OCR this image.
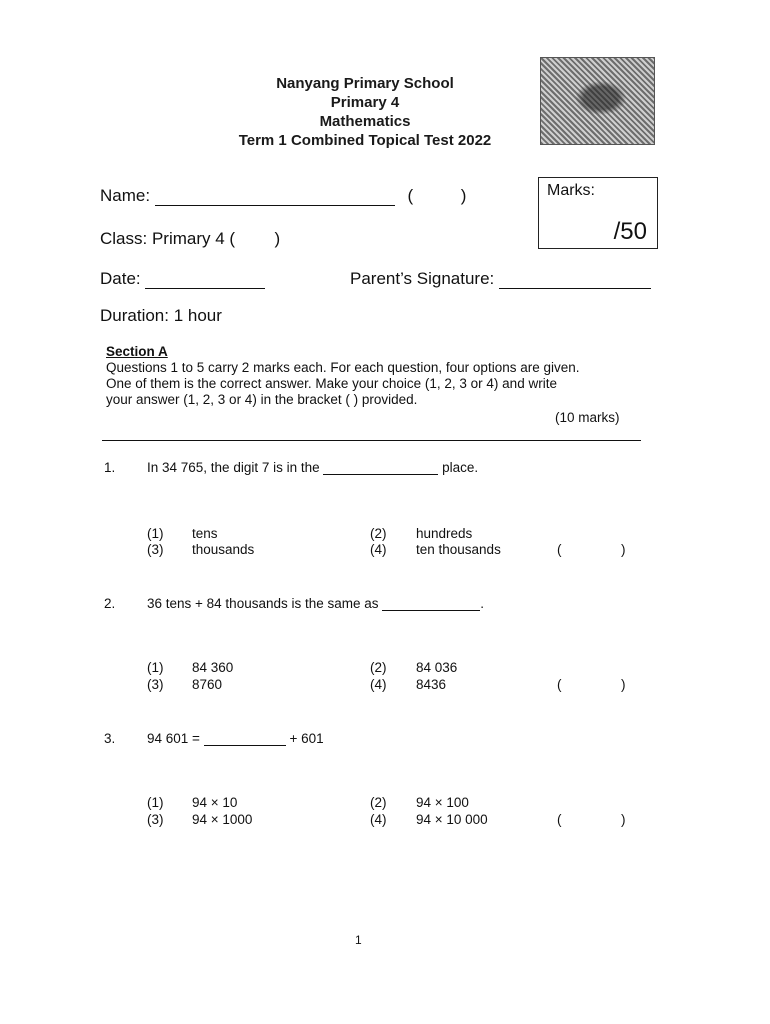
Nanyang Primary School
Primary 4
Mathematics
Term 1 Combined Topical Test 2022
Name:	(	)
Class: Primary 4 ( )
Date:	Parent’s Signature:
Duration: 1 hour
Marks:
/50
Section A
Questions 1 to 5 carry 2 marks each. For each question, four options are given.
One of them is the correct answer. Make your choice (1, 2, 3 or 4) and write
your answer (1, 2, 3 or 4) in the bracket ( ) provided.
(10 marks)
1. In 34 765, the digit 7 is in the	place.
(1) tens	(2) hundreds
(3) thousands	(4) ten thousands	(	)
2. 36 tens + 84 thousands is the same as	.
(1) 84 360	(2) 84 036
(3) 8760	(4) 8436	(	)
3. 94 601 =	+ 601
(1) 94 × 10	(2) 94 × 100
(3) 94 × 1000	(4) 94 × 10 000	(	)
1
